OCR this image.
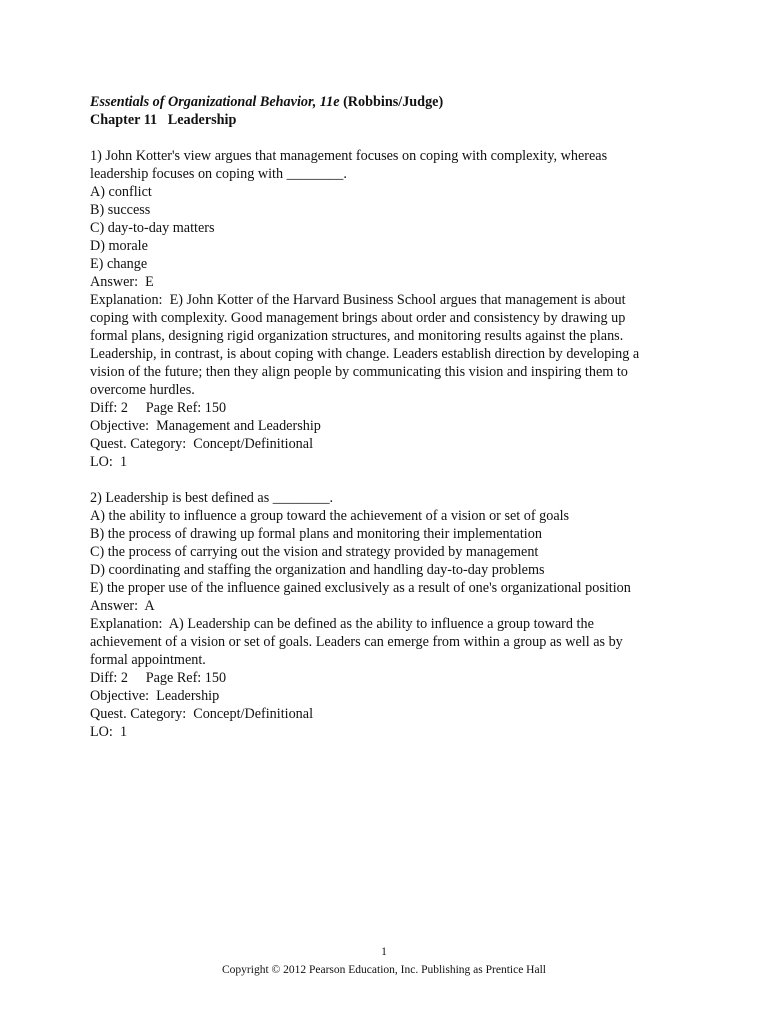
Essentials of Organizational Behavior, 11e (Robbins/Judge)
Chapter 11   Leadership
1) John Kotter's view argues that management focuses on coping with complexity, whereas
leadership focuses on coping with ________.
A) conflict
B) success
C) day-to-day matters
D) morale
E) change
Answer:  E
Explanation:  E) John Kotter of the Harvard Business School argues that management is about
coping with complexity. Good management brings about order and consistency by drawing up
formal plans, designing rigid organization structures, and monitoring results against the plans.
Leadership, in contrast, is about coping with change. Leaders establish direction by developing a
vision of the future; then they align people by communicating this vision and inspiring them to
overcome hurdles.
Diff: 2     Page Ref: 150
Objective:  Management and Leadership
Quest. Category:  Concept/Definitional
LO:  1
2) Leadership is best defined as ________.
A) the ability to influence a group toward the achievement of a vision or set of goals
B) the process of drawing up formal plans and monitoring their implementation
C) the process of carrying out the vision and strategy provided by management
D) coordinating and staffing the organization and handling day-to-day problems
E) the proper use of the influence gained exclusively as a result of one's organizational position
Answer:  A
Explanation:  A) Leadership can be defined as the ability to influence a group toward the
achievement of a vision or set of goals. Leaders can emerge from within a group as well as by
formal appointment.
Diff: 2     Page Ref: 150
Objective:  Leadership
Quest. Category:  Concept/Definitional
LO:  1
1
Copyright © 2012 Pearson Education, Inc. Publishing as Prentice Hall
